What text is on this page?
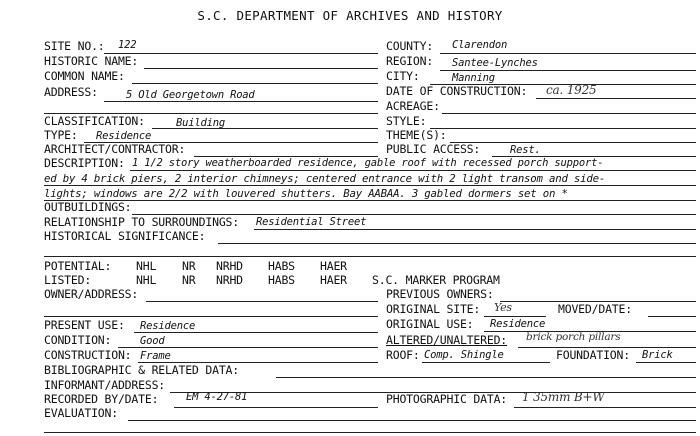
S.C. DEPARTMENT OF ARCHIVES AND HISTORY
SITE NO.: 122	COUNTY: Clarendon
HISTORIC NAME:	REGION: Santee-Lynches
COMMON NAME:	CITY:	Manning
ADDRESS:	5 Old Georgetown Road	DATE OF CONSTRUCTION: ca. 1925
ACREAGE:
CLASSIFICATION:	Building	STYLE:
TYPE: Residence	THEME(S):
ARCHITECT/CONTRACTOR:	PUBLIC ACCESS:	Rest.
DESCRIPTION: 1 1/2 story weatherboarded residence, gable roof with recessed porch support-
ed by 4 brick piers, 2 interior chimneys; centered entrance with 2 light transom and side-
lights; windows are 2/2 with louvered shutters. Bay AABAA. 3 gabled dormers set on *
OUTBUILDINGS:
RELATIONSHIP TO SURROUNDINGS: Residential Street
HISTORICAL SIGNIFICANCE:
POTENTIAL: NHL NR NRHD HABS HAER
LISTED:	NHL NR NRHD HABS HAER S.C. MARKER PROGRAM
OWNER/ADDRESS:	PREVIOUS OWNERS:
ORIGINAL SITE: Yes	MOVED/DATE:
PRESENT USE: Residence	ORIGINAL USE: Residence
CONDITION:	Good	ALTERED/UNALTERED: brick porch pillars
CONSTRUCTION: Frame	ROOF: Comp. Shingle	FOUNDATION: Brick
BIBLIOGRAPHIC & RELATED DATA:
INFORMANT/ADDRESS:
RECORDED BY/DATE:	EM 4-27-81	PHOTOGRAPHIC DATA: 1 35mm B+W
EVALUATION:
